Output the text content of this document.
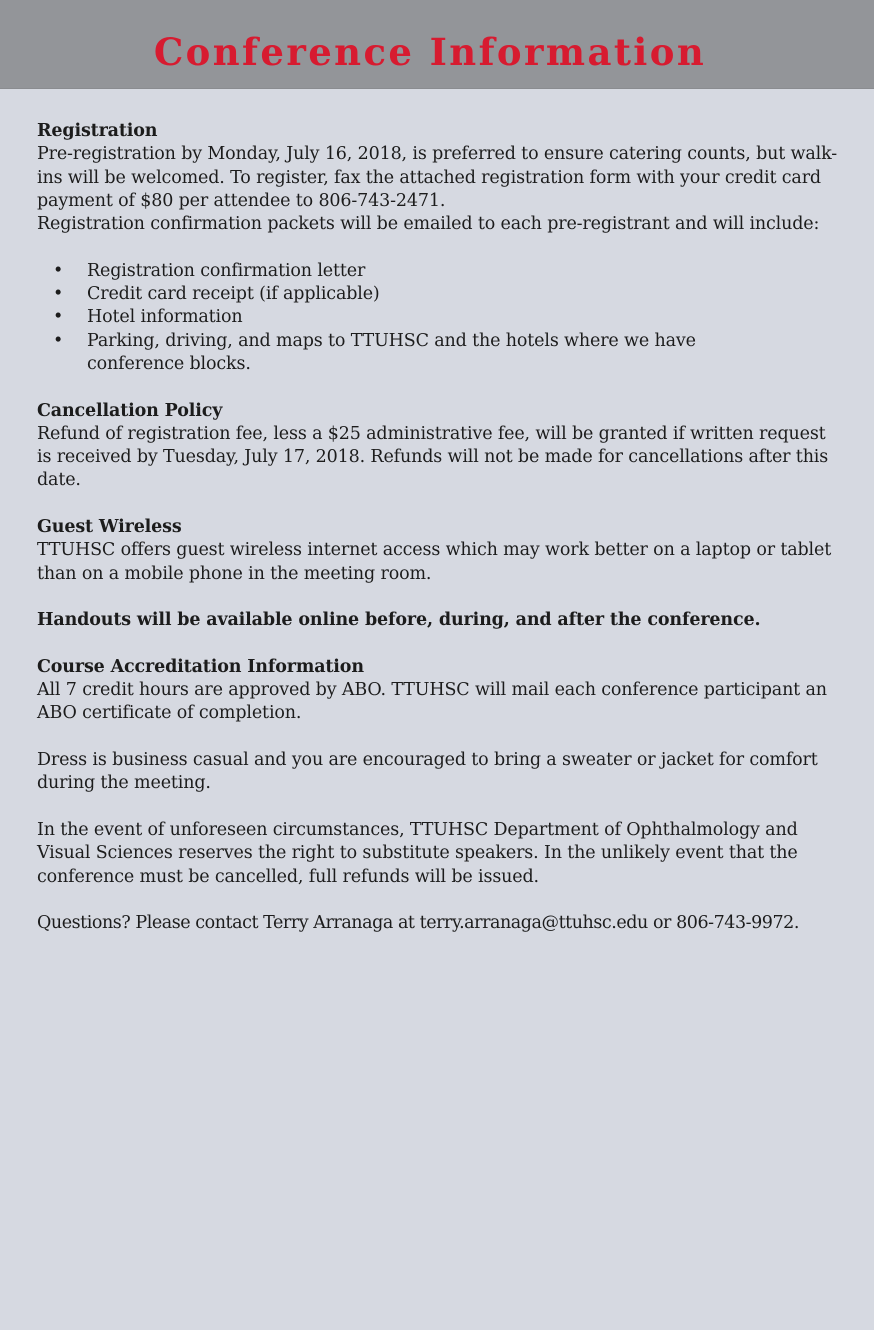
Conference Information
Registration

Pre-registration by Monday, July 16, 2018, is preferred to ensure catering counts, but walk-ins will be welcomed. To register, fax the attached registration form with your credit card payment of $80 per attendee to 806-743-2471.

Registration confirmation packets will be emailed to each pre-registrant and will include:

• Registration confirmation letter
• Credit card receipt (if applicable)
• Hotel information
• Parking, driving, and maps to TTUHSC and the hotels where we have conference blocks.
Cancellation Policy

Refund of registration fee, less a $25 administrative fee, will be granted if written request is received by Tuesday, July 17, 2018. Refunds will not be made for cancellations after this date.

Guest Wireless

TTUHSC offers guest wireless internet access which may work better on a laptop or tablet than on a mobile phone in the meeting room.

Handouts will be available online before, during, and after the conference.

Course Accreditation Information

All 7 credit hours are approved by ABO. TTUHSC will mail each conference participant an ABO certificate of completion.

Dress is business casual and you are encouraged to bring a sweater or jacket for comfort during the meeting.

In the event of unforeseen circumstances, TTUHSC Department of Ophthalmology and Visual Sciences reserves the right to substitute speakers. In the unlikely event that the conference must be cancelled, full refunds will be issued.

Questions? Please contact Terry Arranaga at terry.arranaga@ttuhsc.edu or 806-743-9972.
